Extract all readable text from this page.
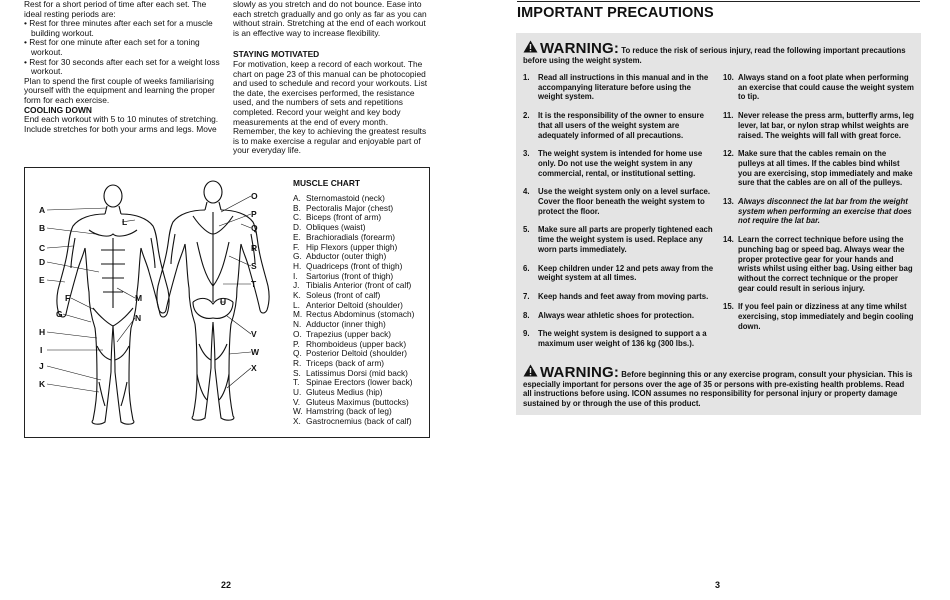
Rest for a short period of time after each set. The ideal resting periods are:

• Rest for three minutes after each set for a muscle building workout.

• Rest for one minute after each set for a toning workout.

• Rest for 30 seconds after each set for a weight loss workout.

Plan to spend the first couple of weeks familiarising yourself with the equipment and learning the proper form for each exercise.

COOLING DOWN

End each workout with 5 to 10 minutes of stretching. Include stretches for both your arms and legs. Move

slowly as you stretch and do not bounce. Ease into each stretch gradually and go only as far as you can without strain. Stretching at the end of each workout is an effective way to increase flexibility.

STAYING MOTIVATED

For motivation, keep a record of each workout. The chart on page 23 of this manual can be photocopied and used to schedule and record your workouts. List the date, the exercises performed, the resistance used, and the numbers of sets and repetitions completed. Record your weight and key body measurements at the end of every month. Remember, the key to achieving the greatest results is to make exercise a regular and enjoyable part of your everyday life.

A
B
C
D
E
F
G
H
I
J
K
L
M
N
O
P
Q
R
S
T
U
V
W
X
MUSCLE CHART
A. Sternomastoid (neck)
B. Pectoralis Major (chest)
C. Biceps (front of arm)
D. Obliques (waist)
E. Brachioradials (forearm)
F. Hip Flexors (upper thigh)
G. Abductor (outer thigh)
H. Quadriceps (front of thigh)
I.	Sartorius (front of thigh)
J. Tibialis Anterior (front of calf)
K. Soleus (front of calf)
L. Anterior Deltoid (shoulder)
M. Rectus Abdominus (stomach)
N. Adductor (inner thigh)
O. Trapezius (upper back)
P. Rhomboideus (upper back)
Q. Posterior Deltoid (shoulder)
R. Triceps (back of arm)
S. Latissimus Dorsi (mid back)
T. Spinae Erectors (lower back)
U. Gluteus Medius (hip)
V. Gluteus Maximus (buttocks)
W. Hamstring (back of leg)
X. Gastrocnemius (back of calf)
22
IMPORTANT PRECAUTIONS
WARNING: To reduce the risk of serious injury, read the following important precautions before using the weight system.
1.	Read all instructions in this manual and in the accompanying literature before using the weight system.
2.	It is the responsibility of the owner to ensure that all users of the weight system are adequately informed of all precautions.
3.	The weight system is intended for home use only. Do not use the weight system in any commercial, rental, or institutional setting.
4.	Use the weight system only on a level surface. Cover the floor beneath the weight system to protect the floor.
5.	Make sure all parts are properly tightened each time the weight system is used. Replace any worn parts immediately.
6.	Keep children under 12 and pets away from the weight system at all times.
7.	Keep hands and feet away from moving parts.
8.	Always wear athletic shoes for protection.
9.	The weight system is designed to support a a maximum user weight of 136 kg (300 lbs.).
10. Always stand on a foot plate when performing an exercise that could cause the weight system to tip.
11. Never release the press arm, butterfly arms, leg lever, lat bar, or nylon strap whilst weights are raised. The weights will fall with great force.
12. Make sure that the cables remain on the pulleys at all times. If the cables bind whilst you are exercising, stop immediately and make sure that the cables are on all of the pulleys.
13. Always disconnect the lat bar from the weight system when performing an exercise that does not require the lat bar.
14. Learn the correct technique before using the punching bag or speed bag. Always wear the proper protective gear for your hands and wrists whilst using either bag. Using either bag without the correct technique or the proper gear could result in serious injury.
15. If you feel pain or dizziness at any time whilst exercising, stop immediately and begin cooling down.
WARNING: Before beginning this or any exercise program, consult your physician. This is especially important for persons over the age of 35 or persons with pre-existing health problems. Read all instructions before using. ICON assumes no responsibility for personal injury or property damage sustained by or through the use of this product.
3
